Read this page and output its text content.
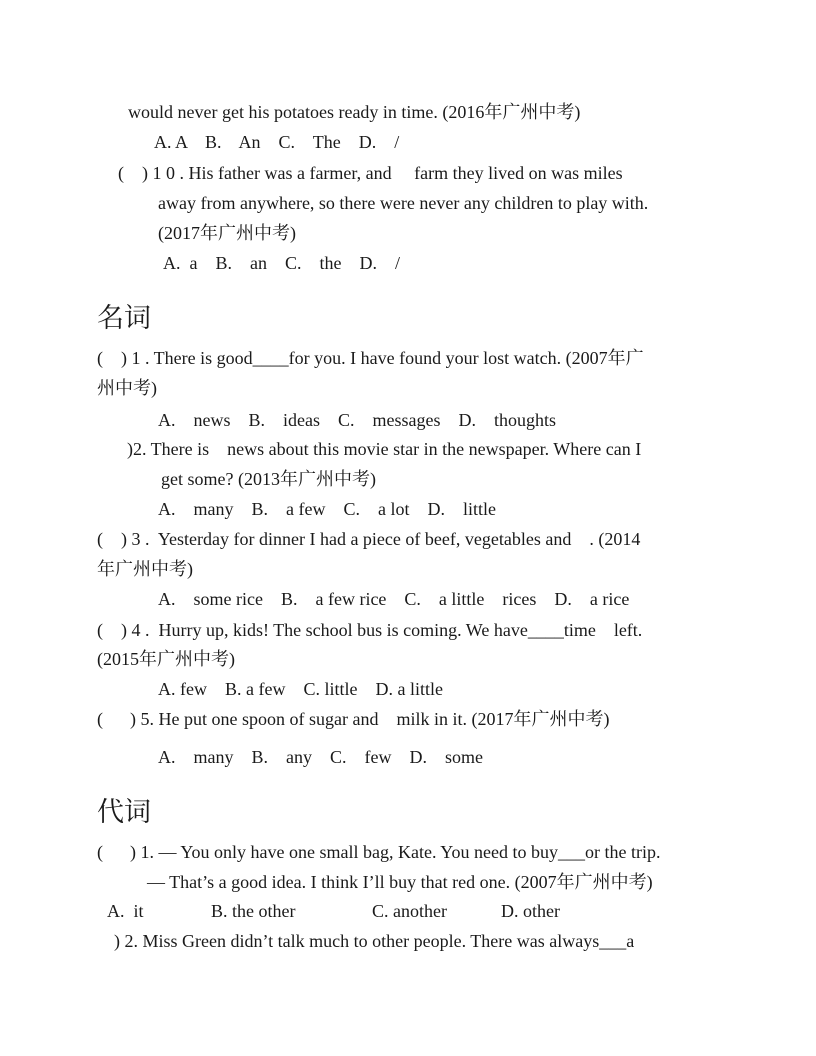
would never get his potatoes ready in time. (2016年广州中考)
A. A    B.    An    C.    The    D.    /
(    ) 1 0 . His father was a farmer, and     farm they lived on was miles
away from anywhere, so there were never any children to play with.
(2017年广州中考)
A.  a    B.    an    C.    the    D.    /
名词
(    ) 1 . There is good____for you. I have found your lost watch. (2007年广
州中考)
A.    news    B.    ideas    C.    messages    D.    thoughts
)2. There is    news about this movie star in the newspaper. Where can I
get some? (2013年广州中考)
A.    many    B.    a few    C.    a lot    D.    little
(    ) 3 .  Yesterday for dinner I had a piece of beef, vegetables and    . (2014
年广州中考)
A.    some rice    B.    a few rice    C.    a little    rices    D.    a rice
(    ) 4 .  Hurry up, kids! The school bus is coming. We have____time    left.
(2015年广州中考)
A. few    B. a few    C. little    D. a little
(      ) 5. He put one spoon of sugar and    milk in it. (2017年广州中考)
A.    many    B.    any    C.    few    D.    some
代词
(      ) 1. — You only have one small bag, Kate. You need to buy___or the trip.
— That’s a good idea. I think I’ll buy that red one. (2007年广州中考)
A.  it               B. the other                 C. another            D. other
) 2. Miss Green didn’t talk much to other people. There was always___a
